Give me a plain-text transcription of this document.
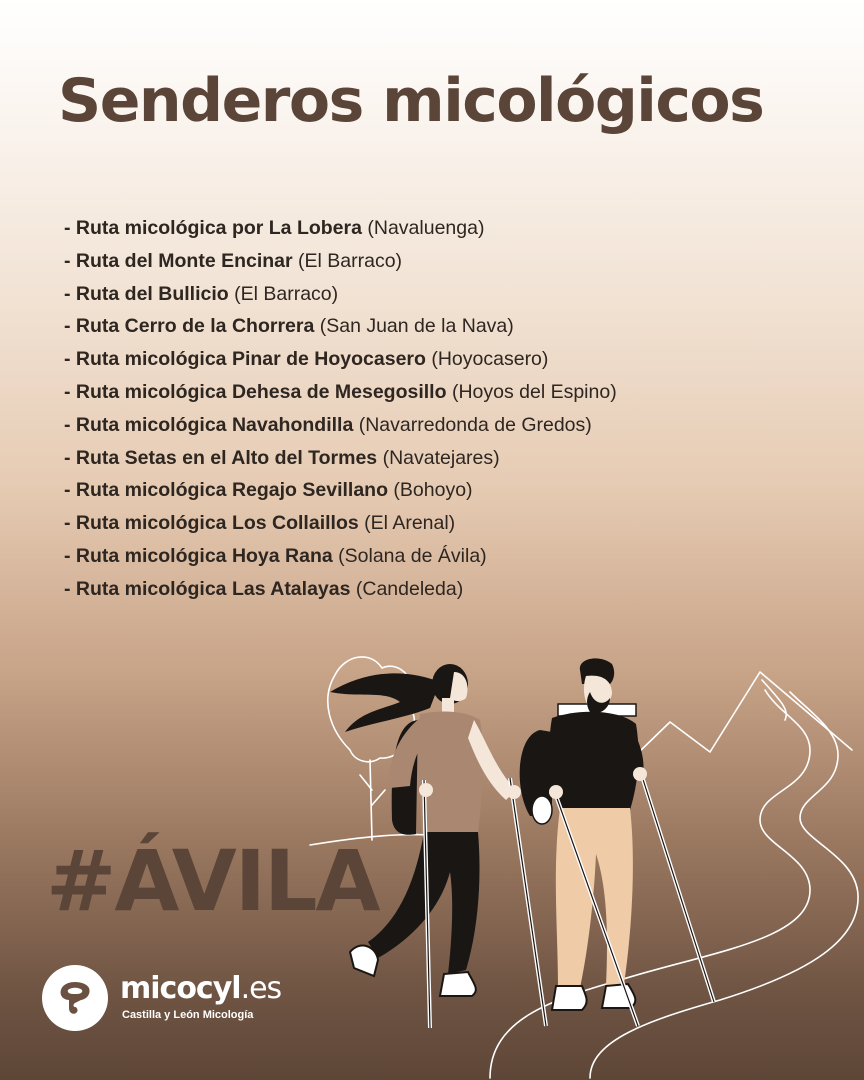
Senderos micológicos
- Ruta micológica por La Lobera (Navaluenga)
- Ruta del Monte Encinar (El Barraco)
- Ruta del Bullicio (El Barraco)
- Ruta Cerro de la Chorrera (San Juan de la Nava)
- Ruta micológica Pinar de Hoyocasero (Hoyocasero)
- Ruta micológica Dehesa de Mesegosillo (Hoyos del Espino)
- Ruta micológica Navahondilla (Navarredonda de Gredos)
- Ruta Setas en el Alto del Tormes (Navatejares)
- Ruta micológica Regajo Sevillano (Bohoyo)
- Ruta micológica Los Collaillos (El Arenal)
- Ruta micológica Hoya Rana (Solana de Ávila)
- Ruta micológica Las Atalayas (Candeleda)
#ÁVILA
micocyl.es
Castilla y León Micología
